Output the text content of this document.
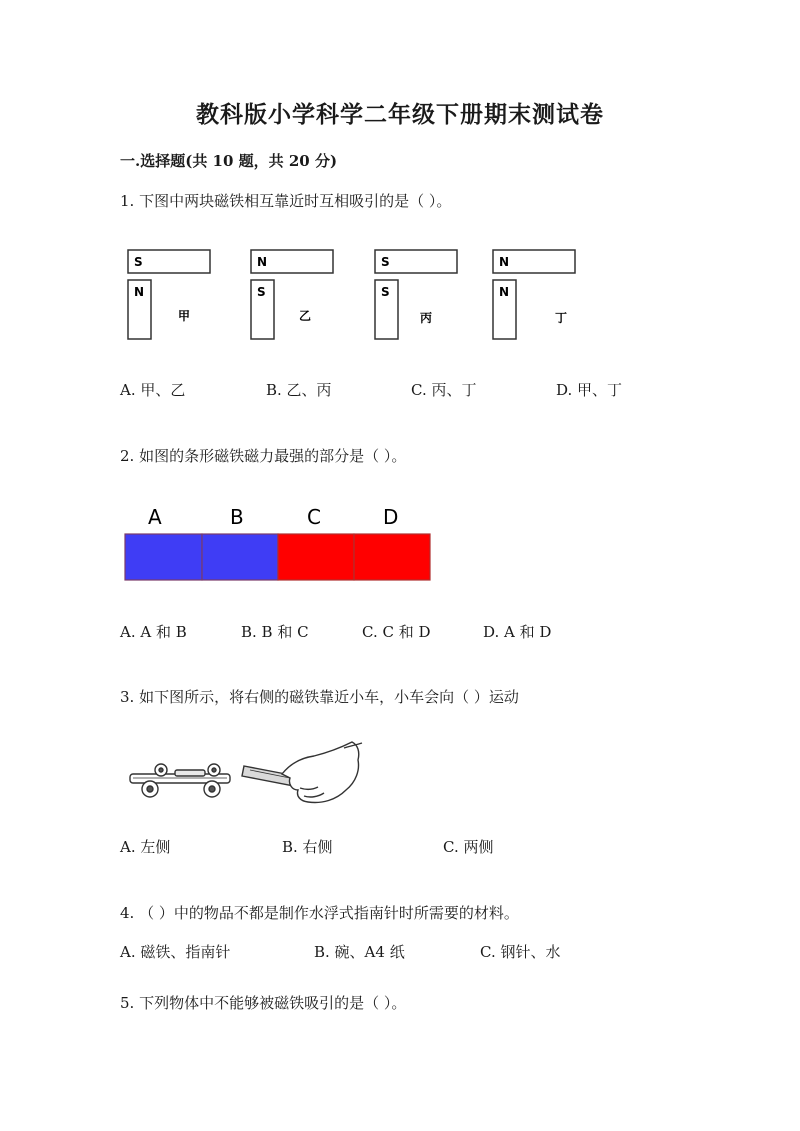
教科版小学科学二年级下册期末测试卷
一.选择题(共 10 题，共 20 分)
1. 下图中两块磁铁相互靠近时互相吸引的是（ ）。
S
N
甲
N
S
乙
S
S
丙
N
N
丁
A. 甲、乙	B. 乙、丙	C. 丙、丁	D. 甲、丁
2. 如图的条形磁铁磁力最强的部分是（ ）。
A	B	C	D
A. A 和 B	B. B 和 C	C. C 和 D	D. A 和 D
3. 如下图所示，将右侧的磁铁靠近小车，小车会向（ ）运动
A. 左侧	B. 右侧	C. 两侧
4. （ ）中的物品不都是制作水浮式指南针时所需要的材料。
A. 磁铁、指南针	B. 碗、A4 纸	C. 钢针、水
5. 下列物体中不能够被磁铁吸引的是（ ）。
